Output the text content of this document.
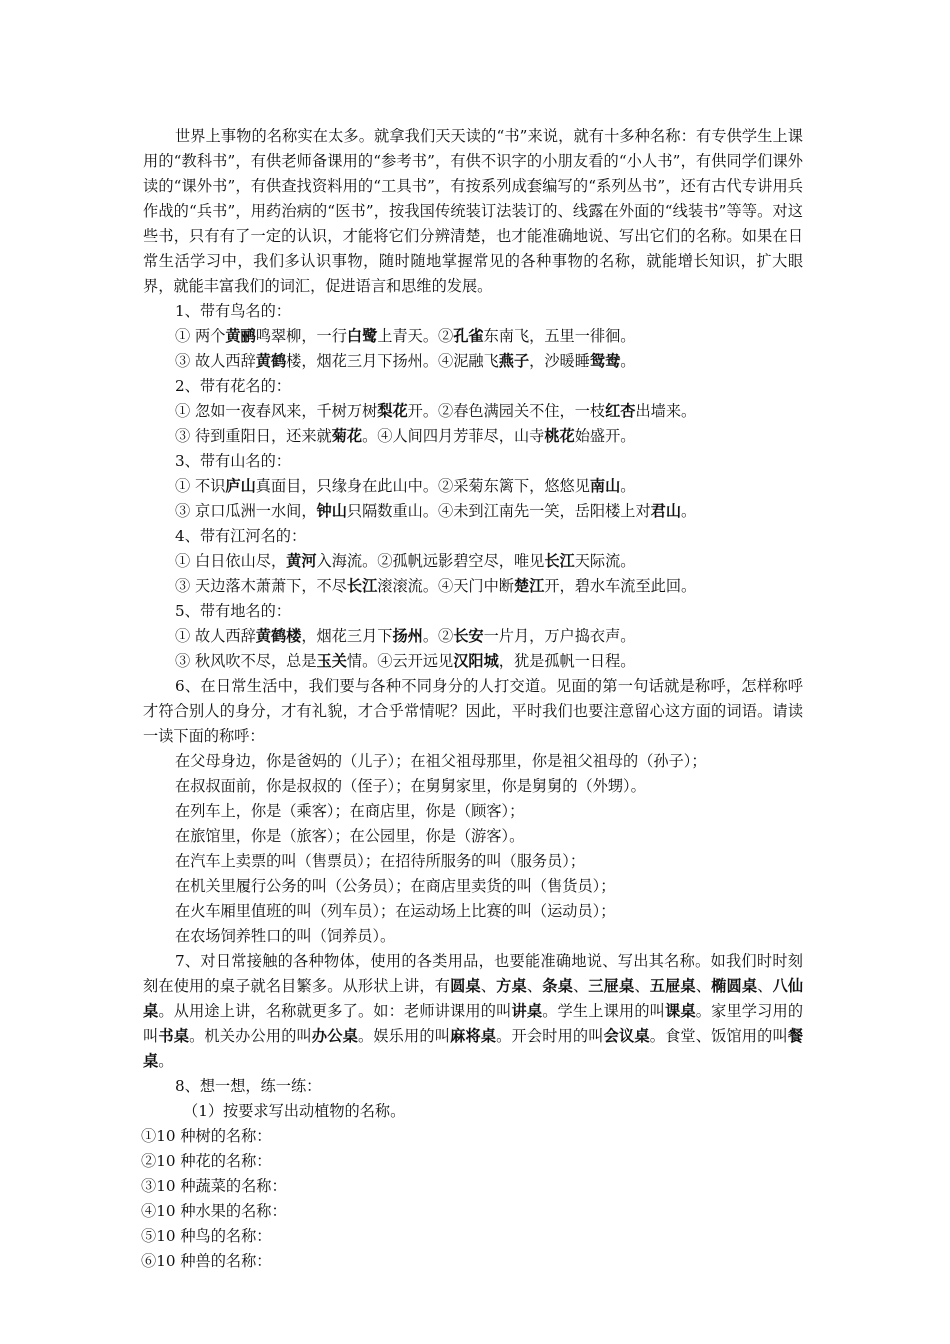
世界上事物的名称实在太多。就拿我们天天读的“书”来说，就有十多种名称：有专供学生上课用的“教科书”，有供老师备课用的“参考书”，有供不识字的小朋友看的“小人书”，有供同学们课外读的“课外书”，有供查找资料用的“工具书”，有按系列成套编写的“系列丛书”，还有古代专讲用兵作战的“兵书”，用药治病的“医书”，按我国传统装订法装订的、线露在外面的“线装书”等等。对这些书，只有有了一定的认识，才能将它们分辨清楚，也才能准确地说、写出它们的名称。如果在日常生活学习中，我们多认识事物，随时随地掌握常见的各种事物的名称，就能增长知识，扩大眼界，就能丰富我们的词汇，促进语言和思维的发展。

1、带有鸟名的：
① 两个黄鹂鸣翠柳，一行白鹭上青天。②孔雀东南飞，五里一徘徊。
③ 故人西辞黄鹤楼，烟花三月下扬州。④泥融飞燕子，沙暖睡鸳鸯。
2、带有花名的：
① 忽如一夜春风来，千树万树梨花开。②春色满园关不住，一枝红杏出墙来。
③ 待到重阳日，还来就菊花。④人间四月芳菲尽，山寺桃花始盛开。
3、带有山名的：
① 不识庐山真面目，只缘身在此山中。②采菊东篱下，悠悠见南山。
③ 京口瓜洲一水间，钟山只隔数重山。④未到江南先一笑，岳阳楼上对君山。
4、带有江河名的：
① 白日依山尽，黄河入海流。②孤帆远影碧空尽，唯见长江天际流。
③ 天边落木萧萧下，不尽长江滚滚流。④天门中断楚江开，碧水车流至此回。
5、带有地名的：
① 故人西辞黄鹤楼，烟花三月下扬州。②长安一片月，万户捣衣声。
③ 秋风吹不尽，总是玉关情。④云开远见汉阳城，犹是孤帆一日程。

6、在日常生活中，我们要与各种不同身分的人打交道。见面的第一句话就是称呼，怎样称呼才符合别人的身分，才有礼貌，才合乎常情呢？因此，平时我们也要注意留心这方面的词语。请读一读下面的称呼：

在父母身边，你是爸妈的（儿子）；在祖父祖母那里，你是祖父祖母的（孙子）；
在叔叔面前，你是叔叔的（侄子）；在舅舅家里，你是舅舅的（外甥）。
在列车上，你是（乘客）；在商店里，你是（顾客）；
在旅馆里，你是（旅客）；在公园里，你是（游客）。
在汽车上卖票的叫（售票员）；在招待所服务的叫（服务员）；
在机关里履行公务的叫（公务员）；在商店里卖货的叫（售货员）；
在火车厢里值班的叫（列车员）；在运动场上比赛的叫（运动员）；
在农场饲养牲口的叫（饲养员）。

7、对日常接触的各种物体，使用的各类用品，也要能准确地说、写出其名称。如我们时时刻刻在使用的桌子就名目繁多。从形状上讲，有圆桌、方桌、条桌、三屉桌、五屉桌、椭圆桌、八仙桌。从用途上讲，名称就更多了。如：老师讲课用的叫讲桌。学生上课用的叫课桌。家里学习用的叫书桌。机关办公用的叫办公桌。娱乐用的叫麻将桌。开会时用的叫会议桌。食堂、饭馆用的叫餐桌。

8、想一想，练一练：
（1）按要求写出动植物的名称。
①10 种树的名称：
②10 种花的名称：
③10 种蔬菜的名称：
④10 种水果的名称：
⑤10 种鸟的名称：
⑥10 种兽的名称：
